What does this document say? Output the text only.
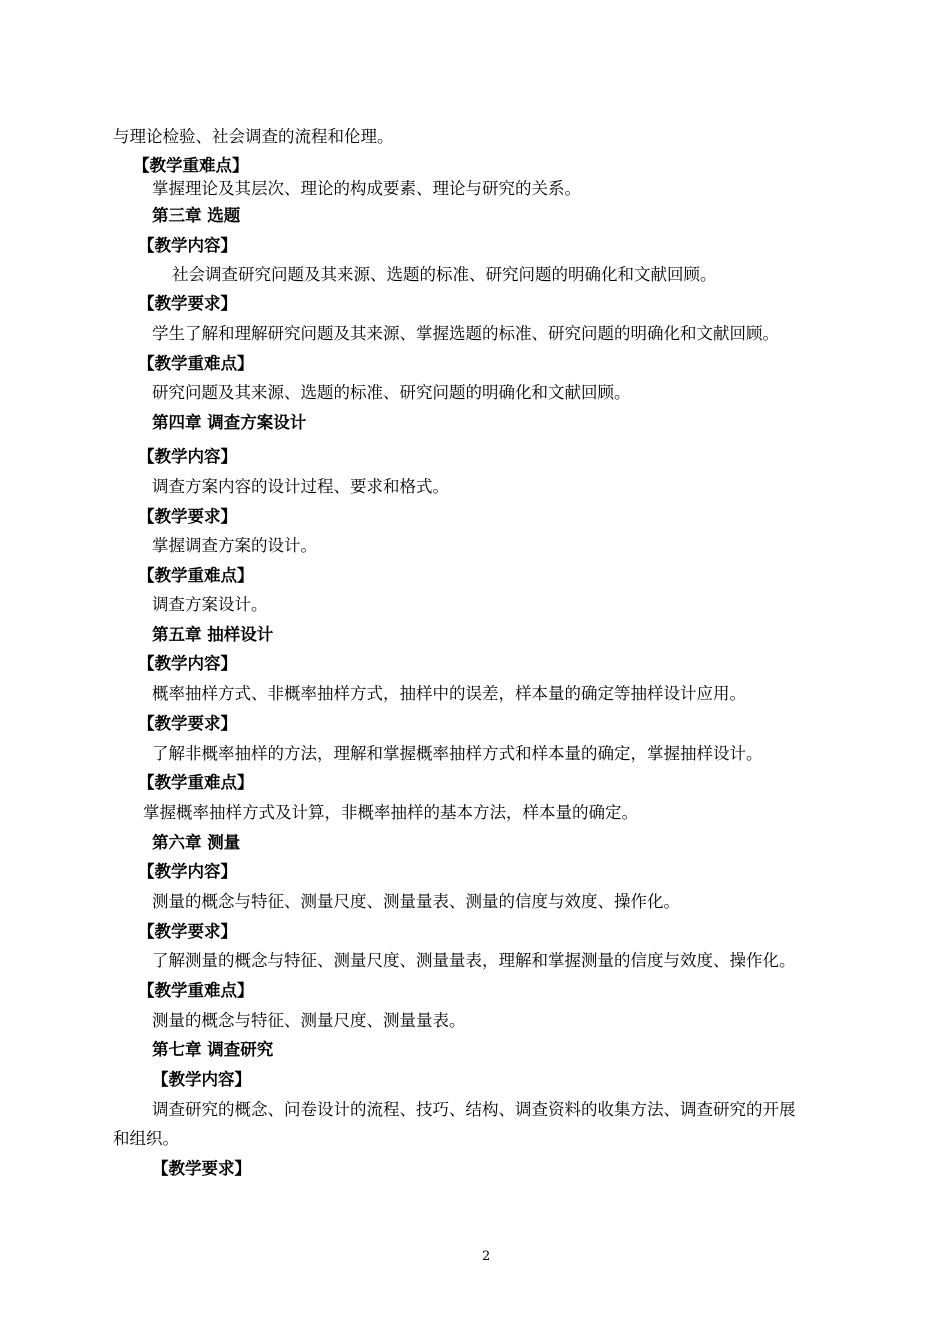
与理论检验、社会调查的流程和伦理。
【教学重难点】
掌握理论及其层次、理论的构成要素、理论与研究的关系。
第三章 选题
【教学内容】
社会调查研究问题及其来源、选题的标准、研究问题的明确化和文献回顾。
【教学要求】
学生了解和理解研究问题及其来源、掌握选题的标准、研究问题的明确化和文献回顾。
【教学重难点】
研究问题及其来源、选题的标准、研究问题的明确化和文献回顾。
第四章 调查方案设计
【教学内容】
调查方案内容的设计过程、要求和格式。
【教学要求】
掌握调查方案的设计。
【教学重难点】
调查方案设计。
第五章 抽样设计
【教学内容】
概率抽样方式、非概率抽样方式，抽样中的误差，样本量的确定等抽样设计应用。
【教学要求】
了解非概率抽样的方法，理解和掌握概率抽样方式和样本量的确定，掌握抽样设计。
【教学重难点】
掌握概率抽样方式及计算，非概率抽样的基本方法，样本量的确定。
第六章 测量
【教学内容】
测量的概念与特征、测量尺度、测量量表、测量的信度与效度、操作化。
【教学要求】
了解测量的概念与特征、测量尺度、测量量表，理解和掌握测量的信度与效度、操作化。
【教学重难点】
测量的概念与特征、测量尺度、测量量表。
第七章 调查研究
【教学内容】
调查研究的概念、问卷设计的流程、技巧、结构、调查资料的收集方法、调查研究的开展
和组织。
【教学要求】
2
